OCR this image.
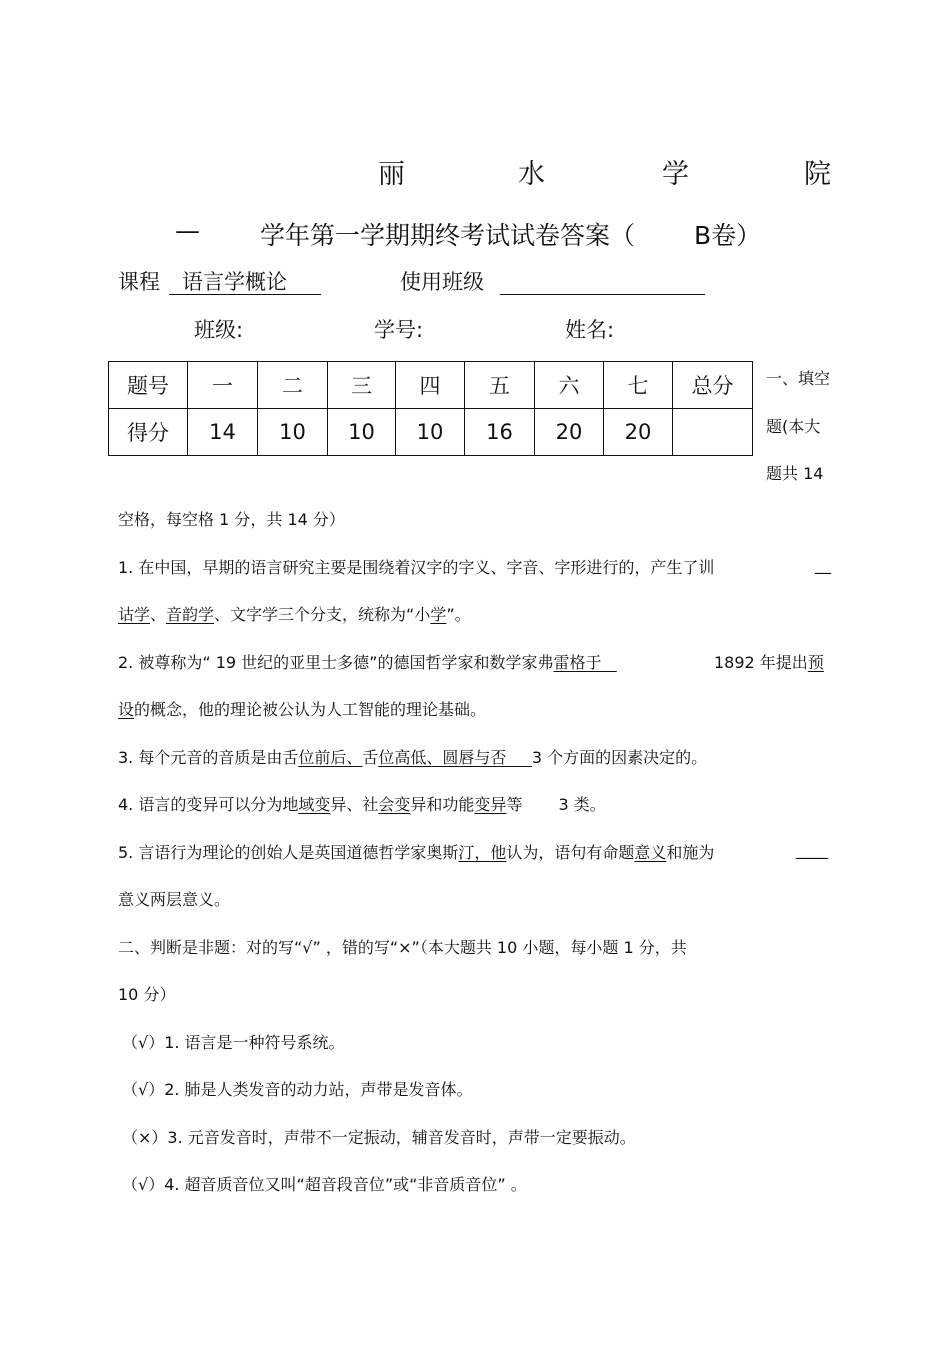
丽	水	学	院
— 学年第一学期期终考试试卷答案（ B卷）
课程	语言学概论	使用班级
班级:	学号:	姓名:
题号	一	二	三	四	五	六	七	总分
得分	14	10	10	10	16	20	20	
一、填空
题(本大
题共 14
空格，每空格 1 分，共 14 分）
1. 在中国，早期的语言研究主要是围绕着汉字的字义、字音、字形进行的，产生了训	__
诂学、音韵学、文字学三个分支，统称为“小学”。
2. 被尊称为“ 19 世纪的亚里士多德”的德国哲学家和数学家弗雷格于	1892 年提出预
设的概念，他的理论被公认为人工智能的理论基础。
3. 每个元音的音质是由舌位前后、舌位高低、圆唇与否 3 个方面的因素决定的。
4. 语言的变异可以分为地域变异、社会变异和功能变异等 3 类。
5. 言语行为理论的创始人是英国道德哲学家奥斯汀，他认为，语句有命题意义和施为	____
意义两层意义。
二、判断是非题：对的写“√” ，错的写“×”（本大题共 10 小题，每小题 1 分，共
10 分）
（√）1. 语言是一种符号系统。
（√）2. 肺是人类发音的动力站，声带是发音体。
（×）3. 元音发音时，声带不一定振动，辅音发音时，声带一定要振动。
（√）4. 超音质音位又叫“超音段音位”或“非音质音位” 。
